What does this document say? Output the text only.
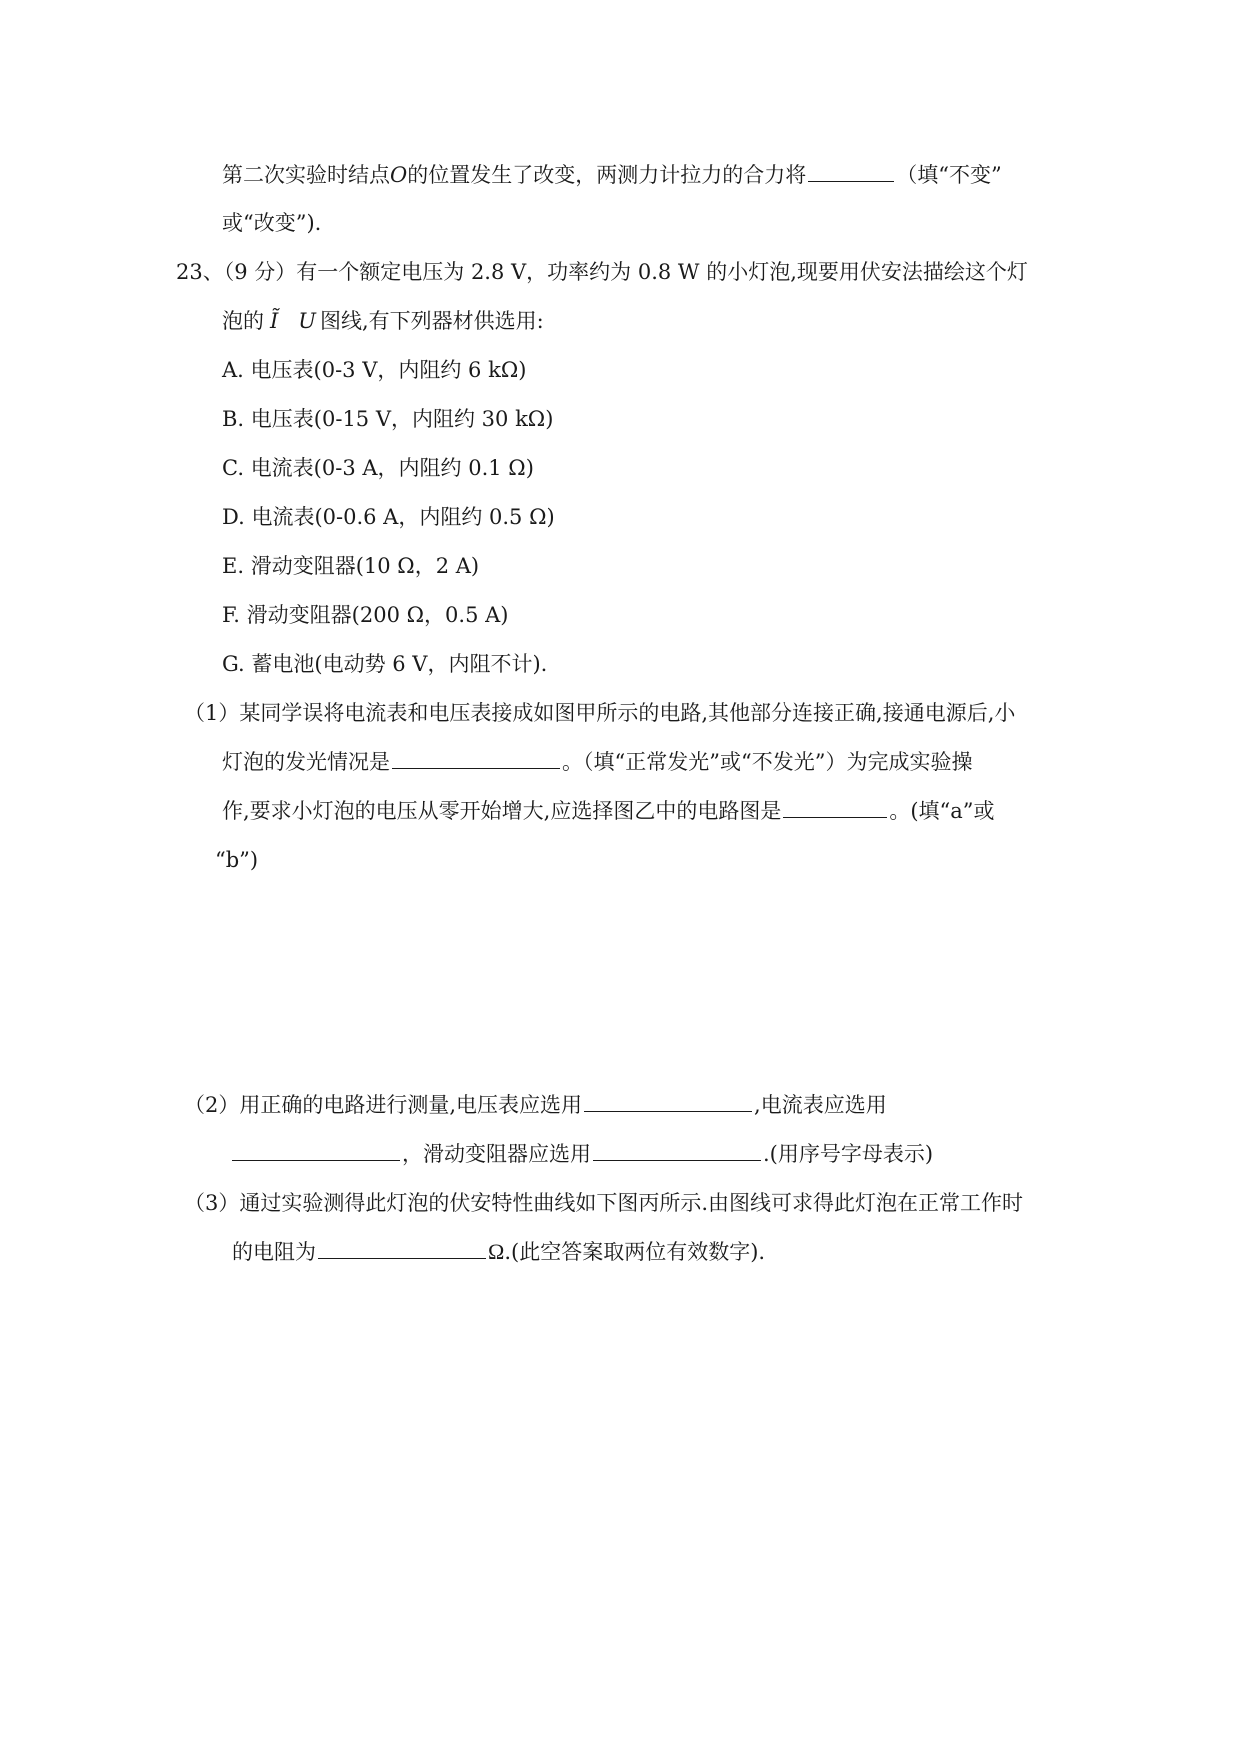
第二次实验时结点O的位置发生了改变，两测力计拉力的合力将	（填“不变”
或“改变”).
23、（9 分）有一个额定电压为 2.8 V，功率约为 0.8 W 的小灯泡,现要用伏安法描绘这个灯
泡的 Ĩ U 图线,有下列器材供选用:
A. 电压表(0-3 V，内阻约 6 kΩ)
B. 电压表(0-15 V，内阻约 30 kΩ)
C. 电流表(0-3 A，内阻约 0.1 Ω)
D. 电流表(0-0.6 A，内阻约 0.5 Ω)
E. 滑动变阻器(10 Ω，2 A)
F. 滑动变阻器(200 Ω，0.5 A)
G. 蓄电池(电动势 6 V，内阻不计).
（1）某同学误将电流表和电压表接成如图甲所示的电路,其他部分连接正确,接通电源后,小
灯泡的发光情况是	。（填“正常发光”或“不发光”）为完成实验操
作,要求小灯泡的电压从零开始增大,应选择图乙中的电路图是	。(填“a”或
“b”)
（2）用正确的电路进行测量,电压表应选用	,电流表应选用
，滑动变阻器应选用	.(用序号字母表示)
（3）通过实验测得此灯泡的伏安特性曲线如下图丙所示.由图线可求得此灯泡在正常工作时
的电阻为	Ω.(此空答案取两位有效数字).
